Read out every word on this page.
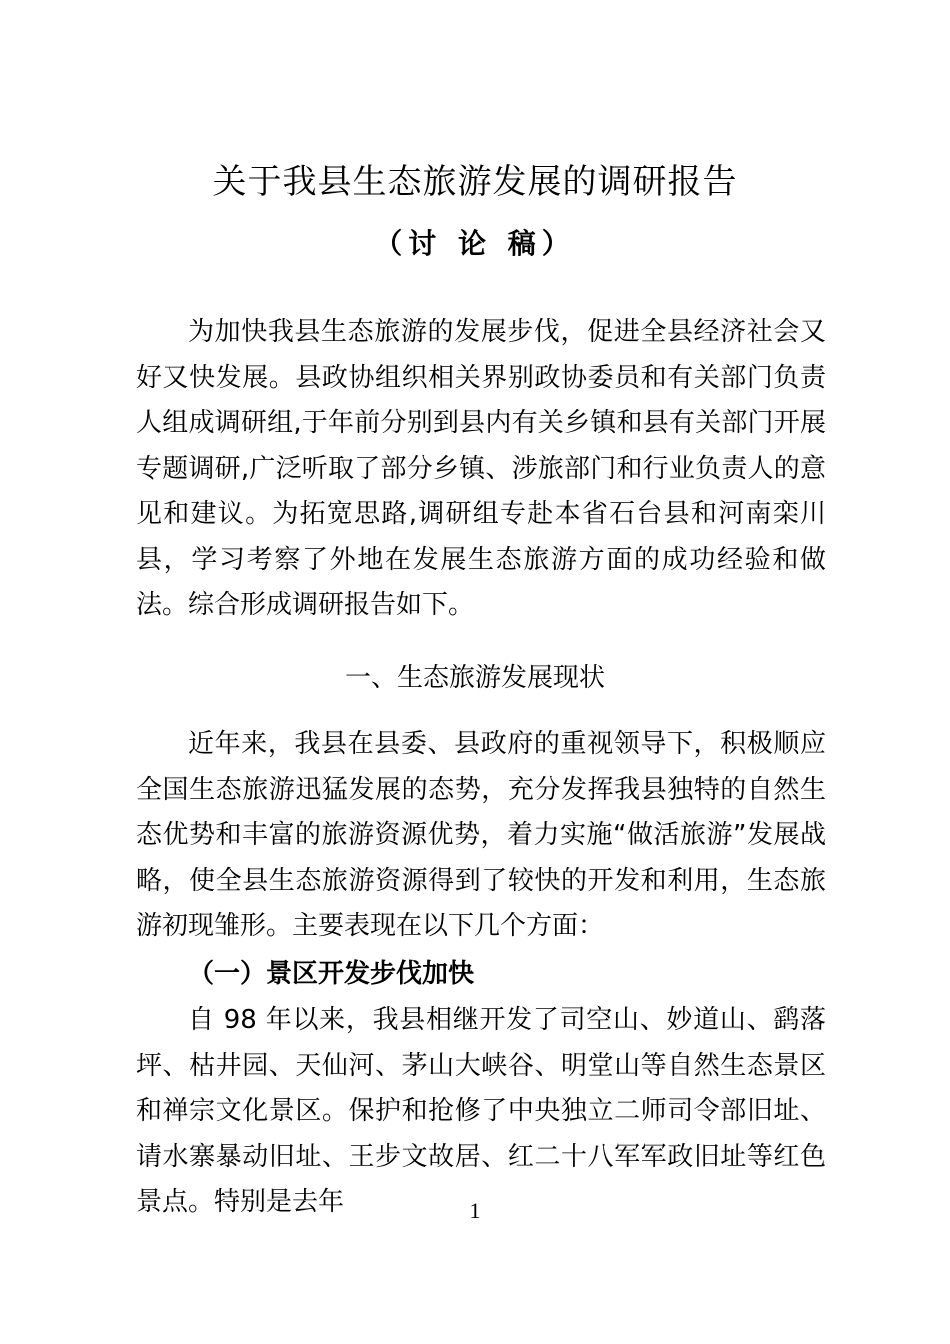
关于我县生态旅游发展的调研报告
（讨 论 稿）

为加快我县生态旅游的发展步伐，促进全县经济社会又好又快发展。县政协组织相关界别政协委员和有关部门负责人组成调研组,于年前分别到县内有关乡镇和县有关部门开展专题调研,广泛听取了部分乡镇、涉旅部门和行业负责人的意见和建议。为拓宽思路,调研组专赴本省石台县和河南栾川县，学习考察了外地在发展生态旅游方面的成功经验和做法。综合形成调研报告如下。

一、生态旅游发展现状

近年来，我县在县委、县政府的重视领导下，积极顺应全国生态旅游迅猛发展的态势，充分发挥我县独特的自然生态优势和丰富的旅游资源优势，着力实施“做活旅游”发展战略，使全县生态旅游资源得到了较快的开发和利用，生态旅游初现雏形。主要表现在以下几个方面：

（一）景区开发步伐加快

自 98 年以来，我县相继开发了司空山、妙道山、鹞落坪、枯井园、天仙河、茅山大峡谷、明堂山等自然生态景区和禅宗文化景区。保护和抢修了中央独立二师司令部旧址、请水寨暴动旧址、王步文故居、红二十八军军政旧址等红色景点。特别是去年	1
